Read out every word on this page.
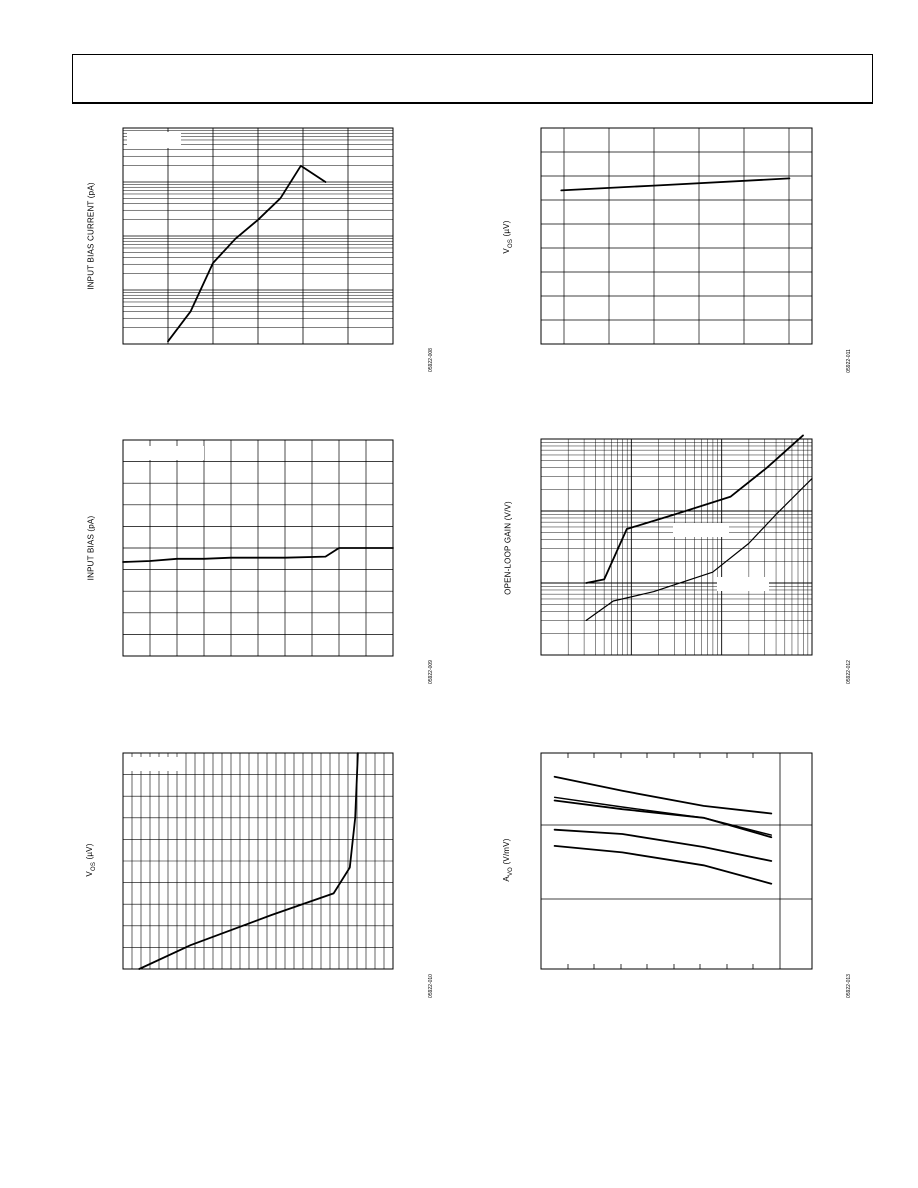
INPUT BIAS CURRENT (pA)
05922-008
$V_{OS}$ (µV)
05922-011
INPUT BIAS (pA)
05922-009
OPEN-LOOP GAIN (V/V)
05922-012
$V_{OS}$ (µV)
05922-010
$A_{VO}$ (V/mV)
05922-013
